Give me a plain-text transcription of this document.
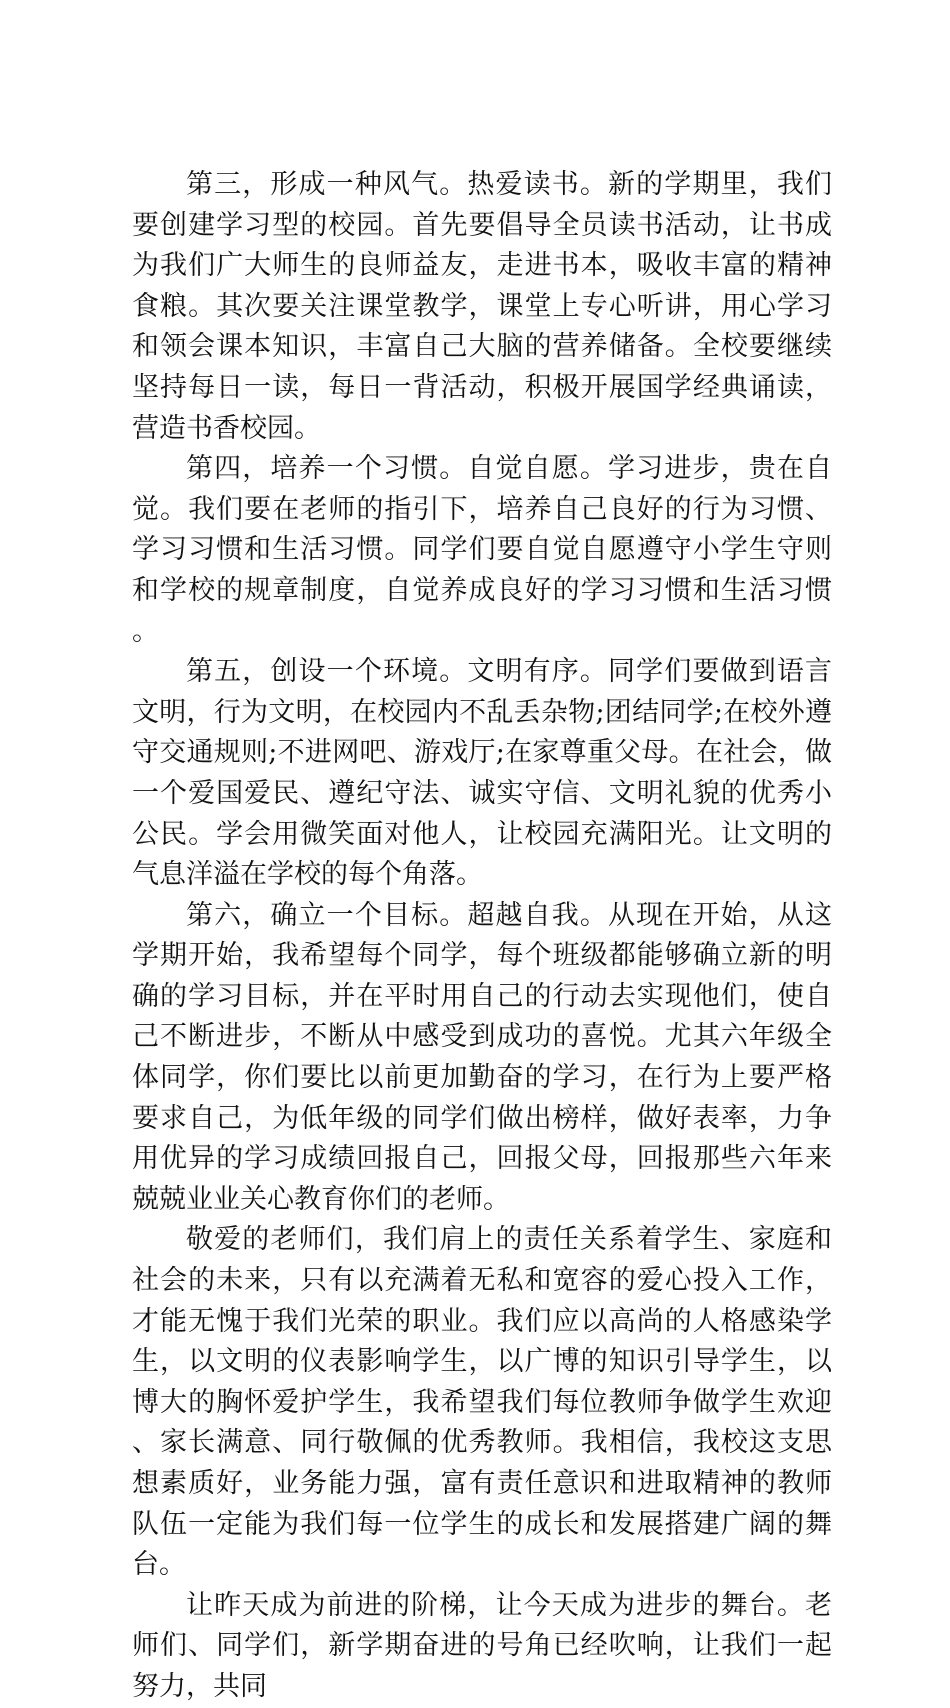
第三，形成一种风气。热爱读书。新的学期里，我们要创建学习型的校园。首先要倡导全员读书活动，让书成为我们广大师生的良师益友，走进书本，吸收丰富的精神食粮。其次要关注课堂教学，课堂上专心听讲，用心学习和领会课本知识，丰富自己大脑的营养储备。全校要继续坚持每日一读，每日一背活动，积极开展国学经典诵读，营造书香校园。

第四，培养一个习惯。自觉自愿。学习进步，贵在自觉。我们要在老师的指引下，培养自己良好的行为习惯、学习习惯和生活习惯。同学们要自觉自愿遵守小学生守则和学校的规章制度，自觉养成良好的学习习惯和生活习惯。

第五，创设一个环境。文明有序。同学们要做到语言文明，行为文明，在校园内不乱丢杂物;团结同学;在校外遵守交通规则;不进网吧、游戏厅;在家尊重父母。在社会，做一个爱国爱民、遵纪守法、诚实守信、文明礼貌的优秀小公民。学会用微笑面对他人，让校园充满阳光。让文明的气息洋溢在学校的每个角落。

第六，确立一个目标。超越自我。从现在开始，从这学期开始，我希望每个同学，每个班级都能够确立新的明确的学习目标，并在平时用自己的行动去实现他们，使自己不断进步，不断从中感受到成功的喜悦。尤其六年级全体同学，你们要比以前更加勤奋的学习，在行为上要严格要求自己，为低年级的同学们做出榜样，做好表率，力争用优异的学习成绩回报自己，回报父母，回报那些六年来兢兢业业关心教育你们的老师。

敬爱的老师们，我们肩上的责任关系着学生、家庭和社会的未来，只有以充满着无私和宽容的爱心投入工作，才能无愧于我们光荣的职业。我们应以高尚的人格感染学生，以文明的仪表影响学生，以广博的知识引导学生，以博大的胸怀爱护学生，我希望我们每位教师争做学生欢迎、家长满意、同行敬佩的优秀教师。我相信，我校这支思想素质好，业务能力强，富有责任意识和进取精神的教师队伍一定能为我们每一位学生的成长和发展搭建广阔的舞台。

让昨天成为前进的阶梯，让今天成为进步的舞台。老师们、同学们，新学期奋进的号角已经吹响，让我们一起努力，共同
